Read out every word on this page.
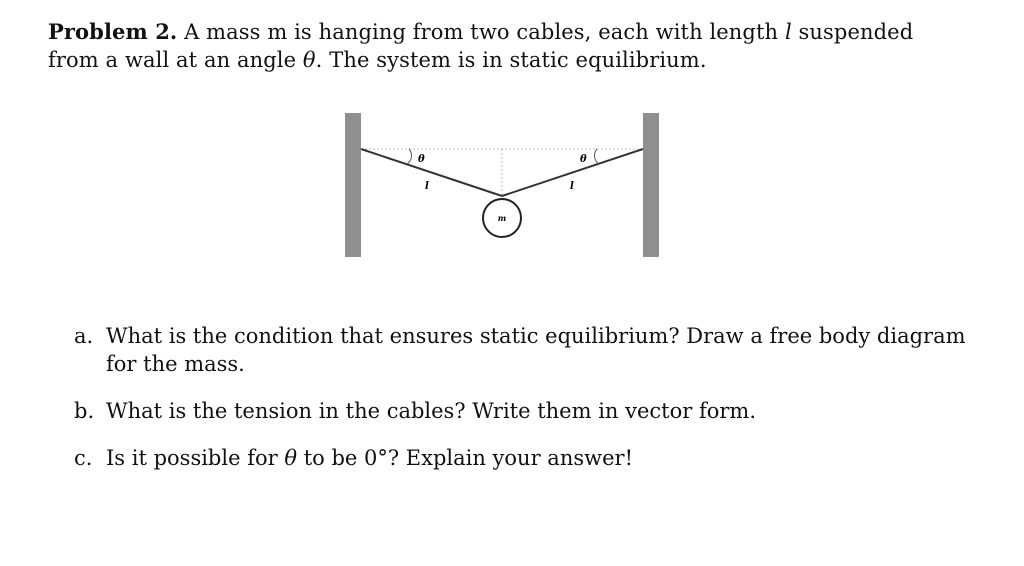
Problem 2. A mass m is hanging from two cables, each with length l suspended from a wall at an angle θ. The system is in static equilibrium.
θ	θ
l	l
m
a. What is the condition that ensures static equilibrium? Draw a free body diagram for the mass.
b. What is the tension in the cables? Write them in vector form.
c. Is it possible for θ to be 0°? Explain your answer!
